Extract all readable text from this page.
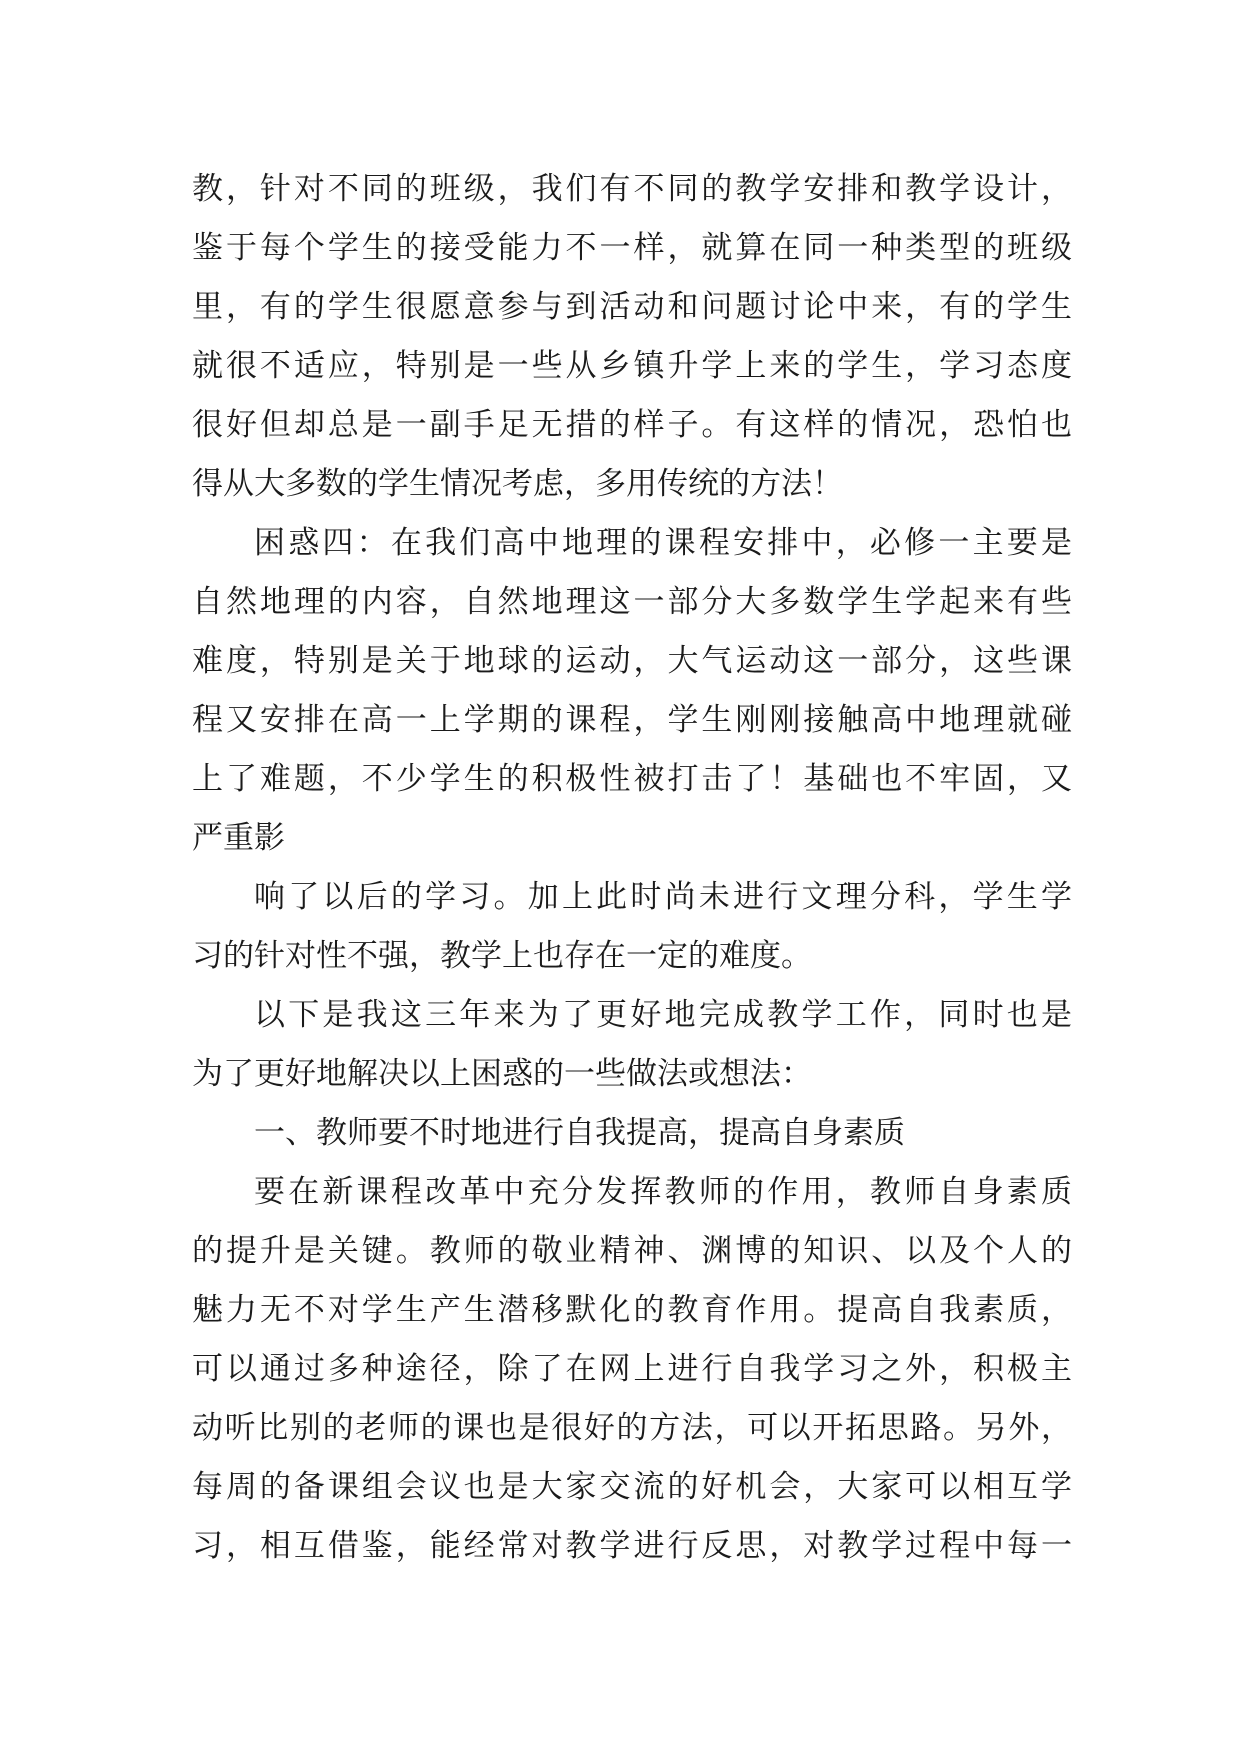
教，针对不同的班级，我们有不同的教学安排和教学设计，
鉴于每个学生的接受能力不一样，就算在同一种类型的班级
里，有的学生很愿意参与到活动和问题讨论中来，有的学生
就很不适应，特别是一些从乡镇升学上来的学生，学习态度
很好但却总是一副手足无措的样子。有这样的情况，恐怕也
得从大多数的学生情况考虑，多用传统的方法！
困惑四：在我们高中地理的课程安排中，必修一主要是
自然地理的内容，自然地理这一部分大多数学生学起来有些
难度，特别是关于地球的运动，大气运动这一部分，这些课
程又安排在高一上学期的课程，学生刚刚接触高中地理就碰
上了难题，不少学生的积极性被打击了！基础也不牢固，又
严重影
响了以后的学习。加上此时尚未进行文理分科，学生学
习的针对性不强，教学上也存在一定的难度。
以下是我这三年来为了更好地完成教学工作，同时也是
为了更好地解决以上困惑的一些做法或想法：
一、教师要不时地进行自我提高，提高自身素质
要在新课程改革中充分发挥教师的作用，教师自身素质
的提升是关键。教师的敬业精神、渊博的知识、以及个人的
魅力无不对学生产生潜移默化的教育作用。提高自我素质，
可以通过多种途径，除了在网上进行自我学习之外，积极主
动听比别的老师的课也是很好的方法，可以开拓思路。另外，
每周的备课组会议也是大家交流的好机会，大家可以相互学
习，相互借鉴，能经常对教学进行反思，对教学过程中每一
